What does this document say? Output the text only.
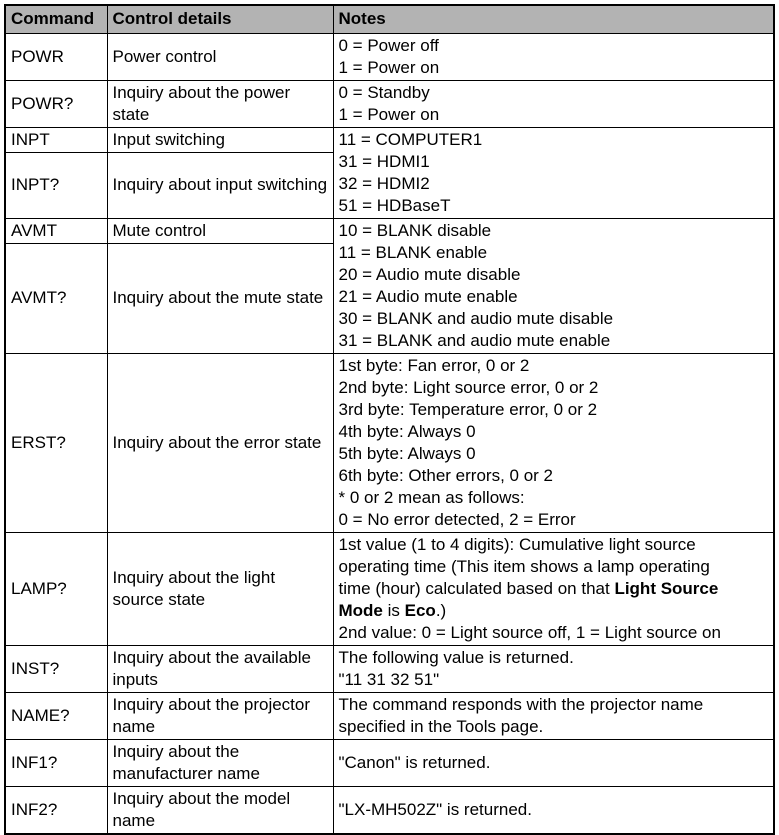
Command	Control details	Notes
POWR	Power control	0 = Power off
1 = Power on

POWR?	Inquiry about the power state	0 = Standby
1 = Power on

INPT	Input switching	11 = COMPUTER1
31 = HDMI1
32 = HDMI2
51 = HDBaseT

INPT?	Inquiry about input switching	
AVMT	Mute control	10 = BLANK disable
11 = BLANK enable
20 = Audio mute disable
21 = Audio mute enable
30 = BLANK and audio mute disable
31 = BLANK and audio mute enable

AVMT?	Inquiry about the mute state	
ERST?	Inquiry about the error state	
1st byte: Fan error, 0 or 2
2nd byte: Light source error, 0 or 2
3rd byte: Temperature error, 0 or 2
4th byte: Always 0
5th byte: Always 0
6th byte: Other errors, 0 or 2
* 0 or 2 mean as follows:
0 = No error detected, 2 = Error

LAMP?	Inquiry about the light source state	1st value (1 to 4 digits): Cumulative light source
operating time (This item shows a lamp operating
time (hour) calculated based on that Light Source
Mode is Eco.)
2nd value: 0 = Light source off, 1 = Light source on

INST?	Inquiry about the available inputs	The following value is returned.
"11 31 32 51"

NAME?	Inquiry about the projector name	The command responds with the projector name specified in the Tools page.

INF1?	Inquiry about the manufacturer name	"Canon" is returned.

INF2?	Inquiry about the model name	"LX-MH502Z" is returned.
